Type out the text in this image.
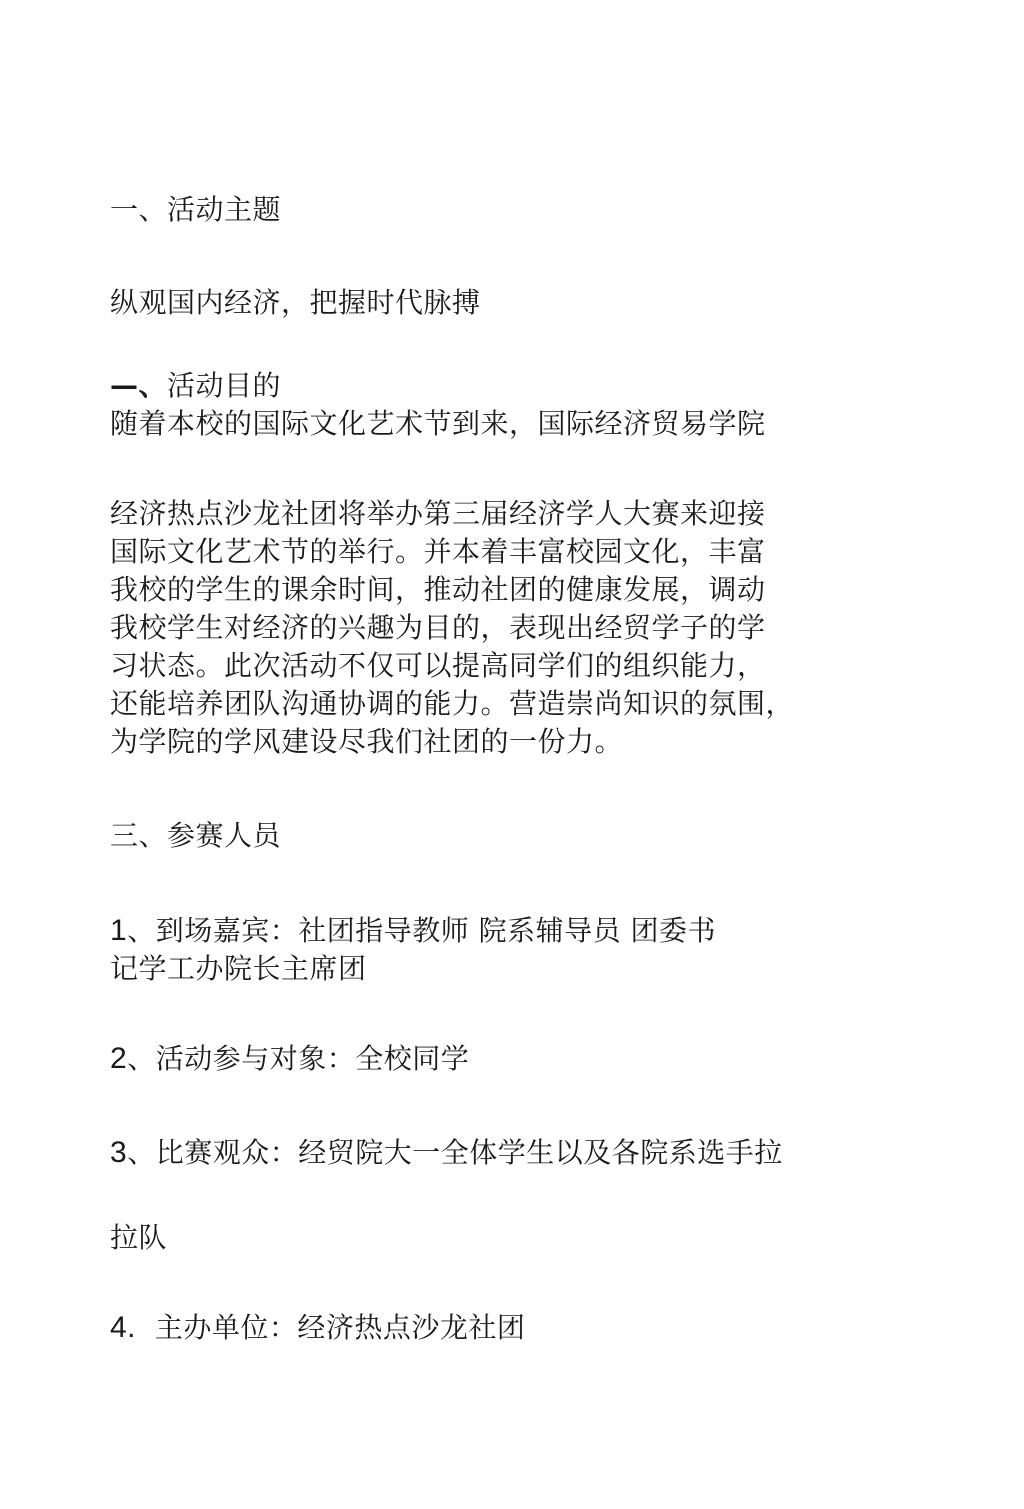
一、活动主题
纵观国内经济，把握时代脉搏
—、活动目的
随着本校的国际文化艺术节到来，国际经济贸易学院
经济热点沙龙社团将举办第三届经济学人大赛来迎接
国际文化艺术节的举行。并本着丰富校园文化，丰富
我校的学生的课余时间，推动社团的健康发展，调动
我校学生对经济的兴趣为目的，表现出经贸学子的学
习状态。此次活动不仅可以提高同学们的组织能力，
还能培养团队沟通协调的能力。营造崇尚知识的氛围，
为学院的学风建设尽我们社团的一份力。
三、参赛人员
1、到场嘉宾：社团指导教师 院系辅导员 团委书
记学工办院长主席团
2、活动参与对象：全校同学
3、比赛观众：经贸院大一全体学生以及各院系选手拉
拉队
4.  主办单位：经济热点沙龙社团
